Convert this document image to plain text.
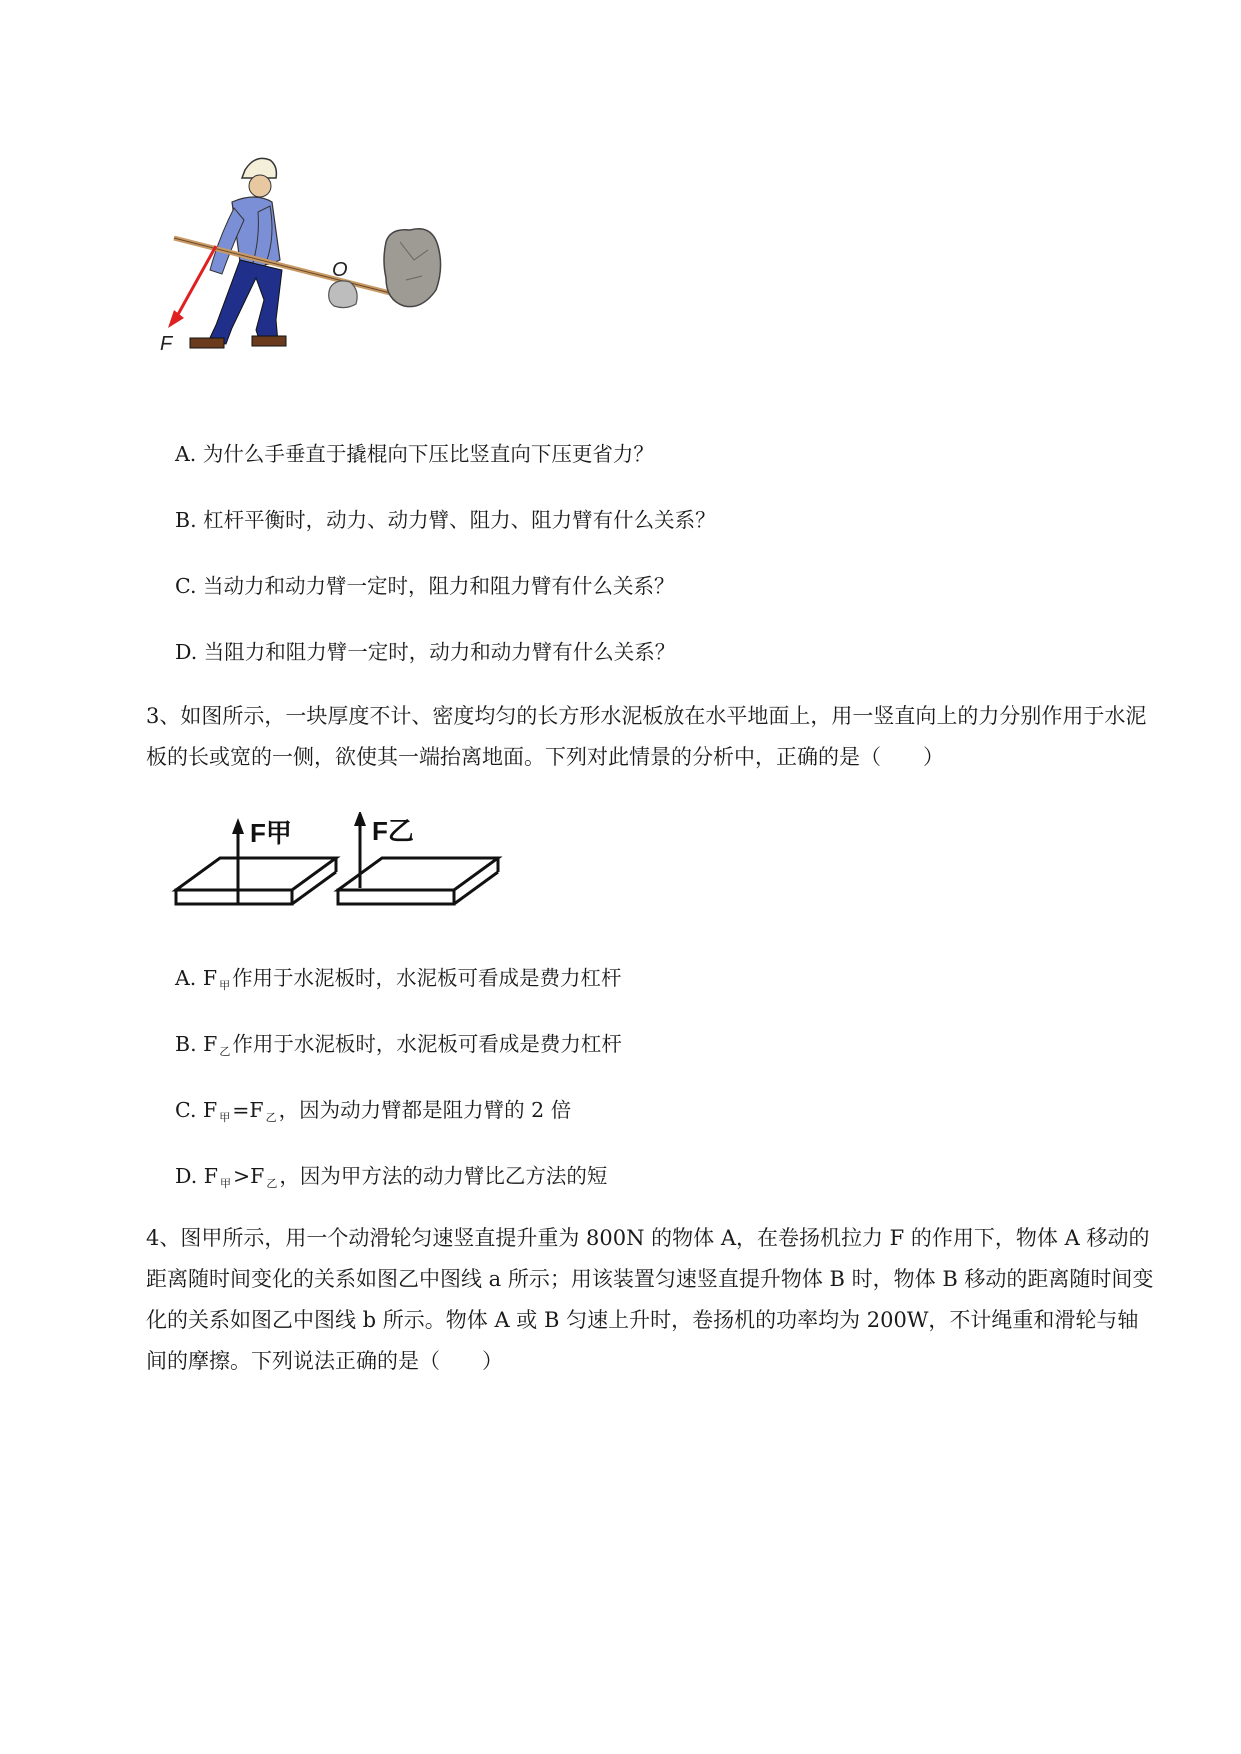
O
F
A. 为什么手垂直于撬棍向下压比竖直向下压更省力？
B. 杠杆平衡时，动力、动力臂、阻力、阻力臂有什么关系？
C. 当动力和动力臂一定时，阻力和阻力臂有什么关系？
D. 当阻力和阻力臂一定时，动力和动力臂有什么关系？
3、如图所示，一块厚度不计、密度均匀的长方形水泥板放在水平地面上，用一竖直向上的力分别作用于水泥板的长或宽的一侧，欲使其一端抬离地面。下列对此情景的分析中，正确的是（　　）
F甲	F乙
A. F $_甲$作用于水泥板时，水泥板可看成是费力杠杆
B. F $_乙$作用于水泥板时，水泥板可看成是费力杠杆
C. F $_甲$=F $_乙$，因为动力臂都是阻力臂的 2 倍
D. F $_甲$>F $_乙$，因为甲方法的动力臂比乙方法的短
4、图甲所示，用一个动滑轮匀速竖直提升重为 800N 的物体 A，在卷扬机拉力 F 的作用下，物体 A 移动的距离随时间变化的关系如图乙中图线 a 所示；用该装置匀速竖直提升物体 B 时，物体 B 移动的距离随时间变化的关系如图乙中图线 b 所示。物体 A 或 B 匀速上升时，卷扬机的功率均为 200W，不计绳重和滑轮与轴间的摩擦。下列说法正确的是（　　）
